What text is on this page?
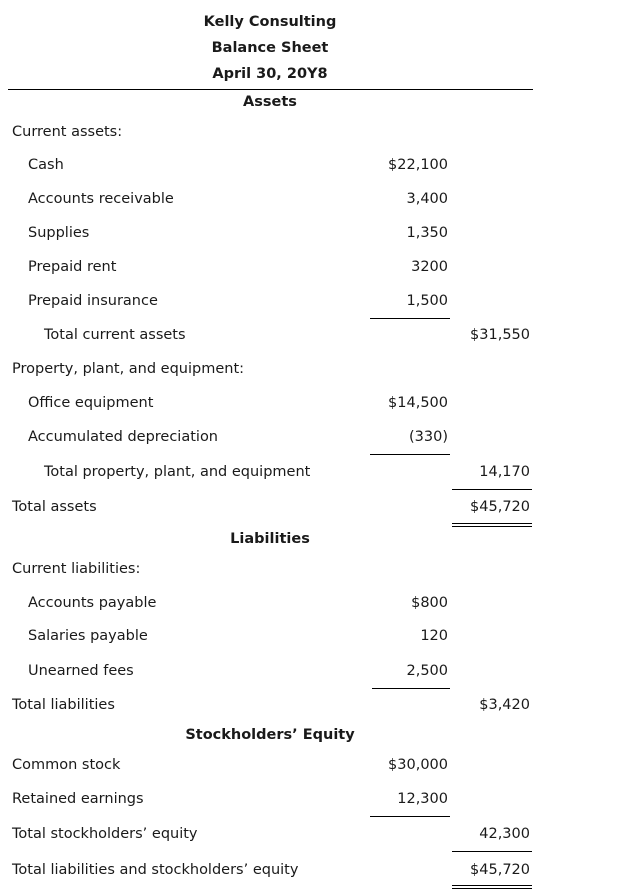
Kelly Consulting
Balance Sheet
April 30, 20Y8
Assets
Current assets:
Cash	$22,100
Accounts receivable	3,400
Supplies	1,350
Prepaid rent	3200
Prepaid insurance	1,500
Total current assets	$31,550
Property, plant, and equipment:
Office equipment	$14,500
Accumulated depreciation	(330)
Total property, plant, and equipment	14,170
Total assets	$45,720
Liabilities
Current liabilities:
Accounts payable	$800
Salaries payable	120
Unearned fees	2,500
Total liabilities	$3,420
Stockholders’ Equity
Common stock	$30,000
Retained earnings	12,300
Total stockholders’ equity	42,300
Total liabilities and stockholders’ equity	$45,720
